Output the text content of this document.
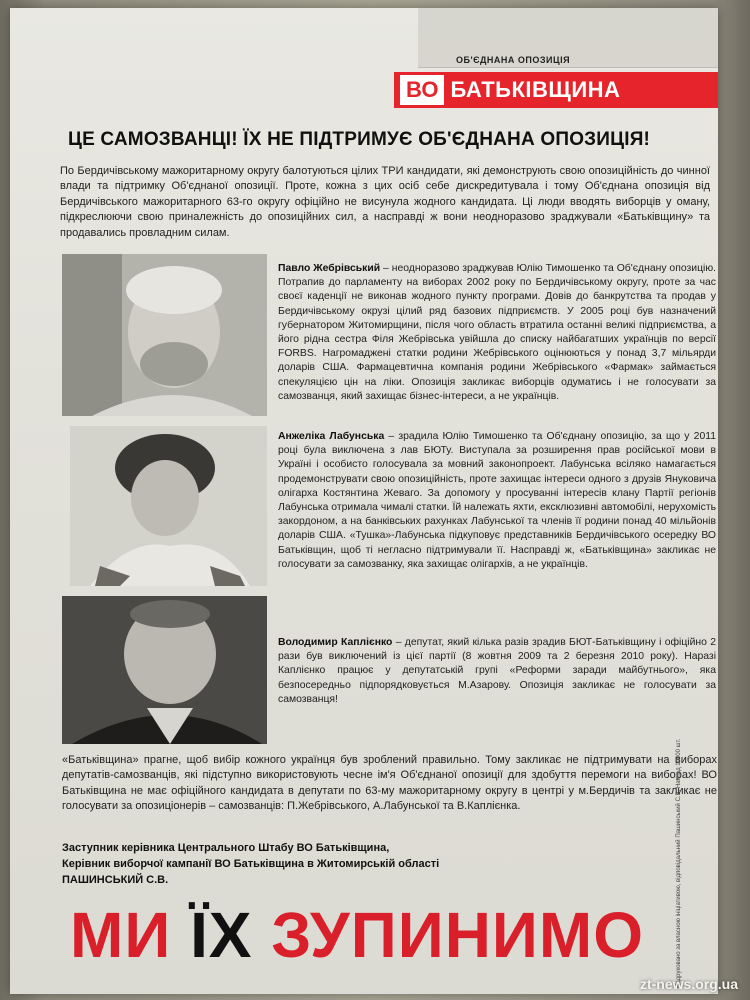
ОБ'ЄДНАНА ОПОЗИЦІЯ
ВО БАТЬКІВЩИНА
ЦЕ САМОЗВАНЦІ! ЇХ НЕ ПІДТРИМУЄ ОБ'ЄДНАНА ОПОЗИЦІЯ!
По Бердичівському мажоритарному округу балотуються цілих ТРИ кандидати, які демонструють свою опозиційність до чинної влади та підтримку Об'єднаної опозиції. Проте, кожна з цих осіб себе дискредитувала і тому Об'єднана опозиція від Бердичівського мажоритарного 63-го округу офіційно не висунула жодного кандидата. Ці люди вводять виборців у оману, підкреслюючи свою приналежність до опозиційних сил, а насправді ж вони неодноразово зраджували «Батьківщину» та продавались провладним силам.
Павло Жебрівський – неодноразово зраджував Юлію Тимошенко та Об'єднану опозицію. Потрапив до парламенту на виборах 2002 року по Бердичівському округу, проте за час своєї каденції не виконав жодного пункту програми. Довів до банкрутства та продав у Бердичівському окрузі цілий ряд базових підприємств. У 2005 році був назначений губернатором Житомирщини, після чого область втратила останні великі підприємства, а його рідна сестра Філя Жебрівська увійшла до списку найбагатших українців по версії FORBS. Нагромаджені статки родини Жебрівського оцінюються у понад 3,7 мільярди доларів США. Фармацевтична компанія родини Жебрівського «Фармак» займається спекуляцією цін на ліки. Опозиція закликає виборців одуматись і не голосувати за самозванця, який захищає бізнес-інтереси, а не українців.
Анжеліка Лабунська – зрадила Юлію Тимошенко та Об'єднану опозицію, за що у 2011 році була виключена з лав БЮТу. Виступала за розширення прав російської мови в Україні і особисто голосувала за мовний законопроект. Лабунська всіляко намагається продемонструвати свою опозиційність, проте захищає інтереси одного з друзів Януковича олігарха Костянтина Жеваго. За допомогу у просуванні інтересів клану Партії регіонів Лабунська отримала чималі статки. Їй належать яхти, ексклюзивні автомобілі, нерухомість закордоном, а на банківських рахунках Лабунської та членів її родини понад 40 мільйонів доларів США. «Тушка»-Лабунська підкуповує представників Бердичівського осередку ВО Батьківщин, щоб ті негласно підтримували її. Насправді ж, «Батьківщина» закликає не голосувати за самозванку, яка захищає олігархів, а не українців.
Володимир Каплієнко – депутат, який кілька разів зрадив БЮТ-Батьківщину і офіційно 2 рази був виключений із цієї партії (8 жовтня 2009 та 2 березня 2010 року). Наразі Каплієнко працює у депутатській групі «Реформи заради майбутнього», яка безпосередньо підпорядковується М.Азарову. Опозиція закликає не голосувати за самозванця!
«Батьківщина» прагне, щоб вибір кожного українця був зроблений правильно. Тому закликає не підтримувати на виборах депутатів-самозванців, які підступно використовують чесне ім'я Об'єднаної опозиції для здобуття перемоги на виборах! ВО Батьківщина не має офіційного кандидата в депутати по 63-му мажоритарному округу в центрі у м.Бердичів та закликає не голосувати за опозиціонерів – самозванців: П.Жебрівського, А.Лабунської та В.Каплієнка.
Заступник керівника Центрального Штабу ВО Батьківщина,
Керівник виборчої кампанії ВО Батьківщина в Житомирській області
ПАШИНСЬКИЙ С.В.	Надруковано за власною ініціативою, відповідальний Пашинський С.В. Наклад 10000 шт.
МИ ЇХ ЗУПИНИМО
zt-news.org.ua
